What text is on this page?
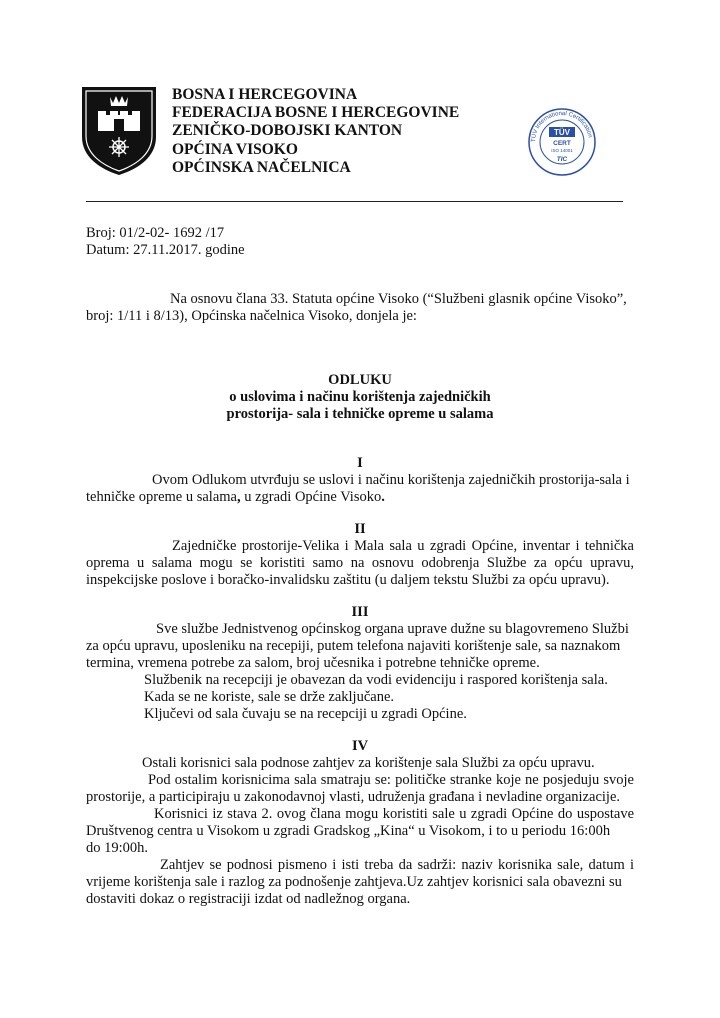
BOSNA I HERCEGOVINA
FEDERACIJA BOSNE I HERCEGOVINE
ZENIČKO-DOBOJSKI KANTON
OPĆINA VISOKO
OPĆINSKA NAČELNICA
TÜV International Certification
TÜV
CERT
ISO 14001
TIC
Broj: 01/2-02- 1692 /17
Datum: 27.11.2017. godine
Na osnovu člana 33. Statuta općine Visoko (“Službeni glasnik općine Visoko”,
broj: 1/11 i 8/13), Općinska načelnica Visoko, donjela je:
ODLUKU
o uslovima i načinu korištenja zajedničkih
prostorija- sala i tehničke opreme u salama
I
Ovom Odlukom utvrđuju se uslovi i načinu korištenja zajedničkih prostorija-sala i
tehničke opreme u salama, u zgradi Općine Visoko.
II
Zajedničke prostorije-Velika i Mala sala u zgradi Općine, inventar i tehnička
oprema u salama mogu se koristiti samo na osnovu odobrenja Službe za opću upravu,
inspekcijske poslove i boračko-invalidsku zaštitu (u daljem tekstu Službi za opću upravu).
III
Sve službe Jednistvenog općinskog organa uprave dužne su blagovremeno Službi
za opću upravu, uposleniku na recepiji, putem telefona najaviti korištenje sale, sa naznakom
termina, vremena potrebe za salom, broj učesnika i potrebne tehničke opreme.
Službenik na recepciji je obavezan da vodi evidenciju i raspored korištenja sala.
Kada se ne koriste, sale se drže zaključane.
Ključevi od sala čuvaju se na recepciji u zgradi Općine.
IV
Ostali korisnici sala podnose zahtjev za korištenje sala Službi za opću upravu.
Pod ostalim korisnicima sala smatraju se: političke stranke koje ne posjeduju svoje
prostorije, a participiraju u zakonodavnoj vlasti, udruženja građana i nevladine organizacije.
Korisnici iz stava 2. ovog člana mogu koristiti sale u zgradi Općine do uspostave
Društvenog centra u Visokom u zgradi Gradskog „Kina“ u Visokom, i to u periodu 16:00h
do 19:00h.
Zahtjev se podnosi pismeno i isti treba da sadrži: naziv korisnika sale, datum i
vrijeme korištenja sale i razlog za podnošenje zahtjeva.Uz zahtjev korisnici sala obavezni su
dostaviti dokaz o registraciji izdat od nadležnog organa.
